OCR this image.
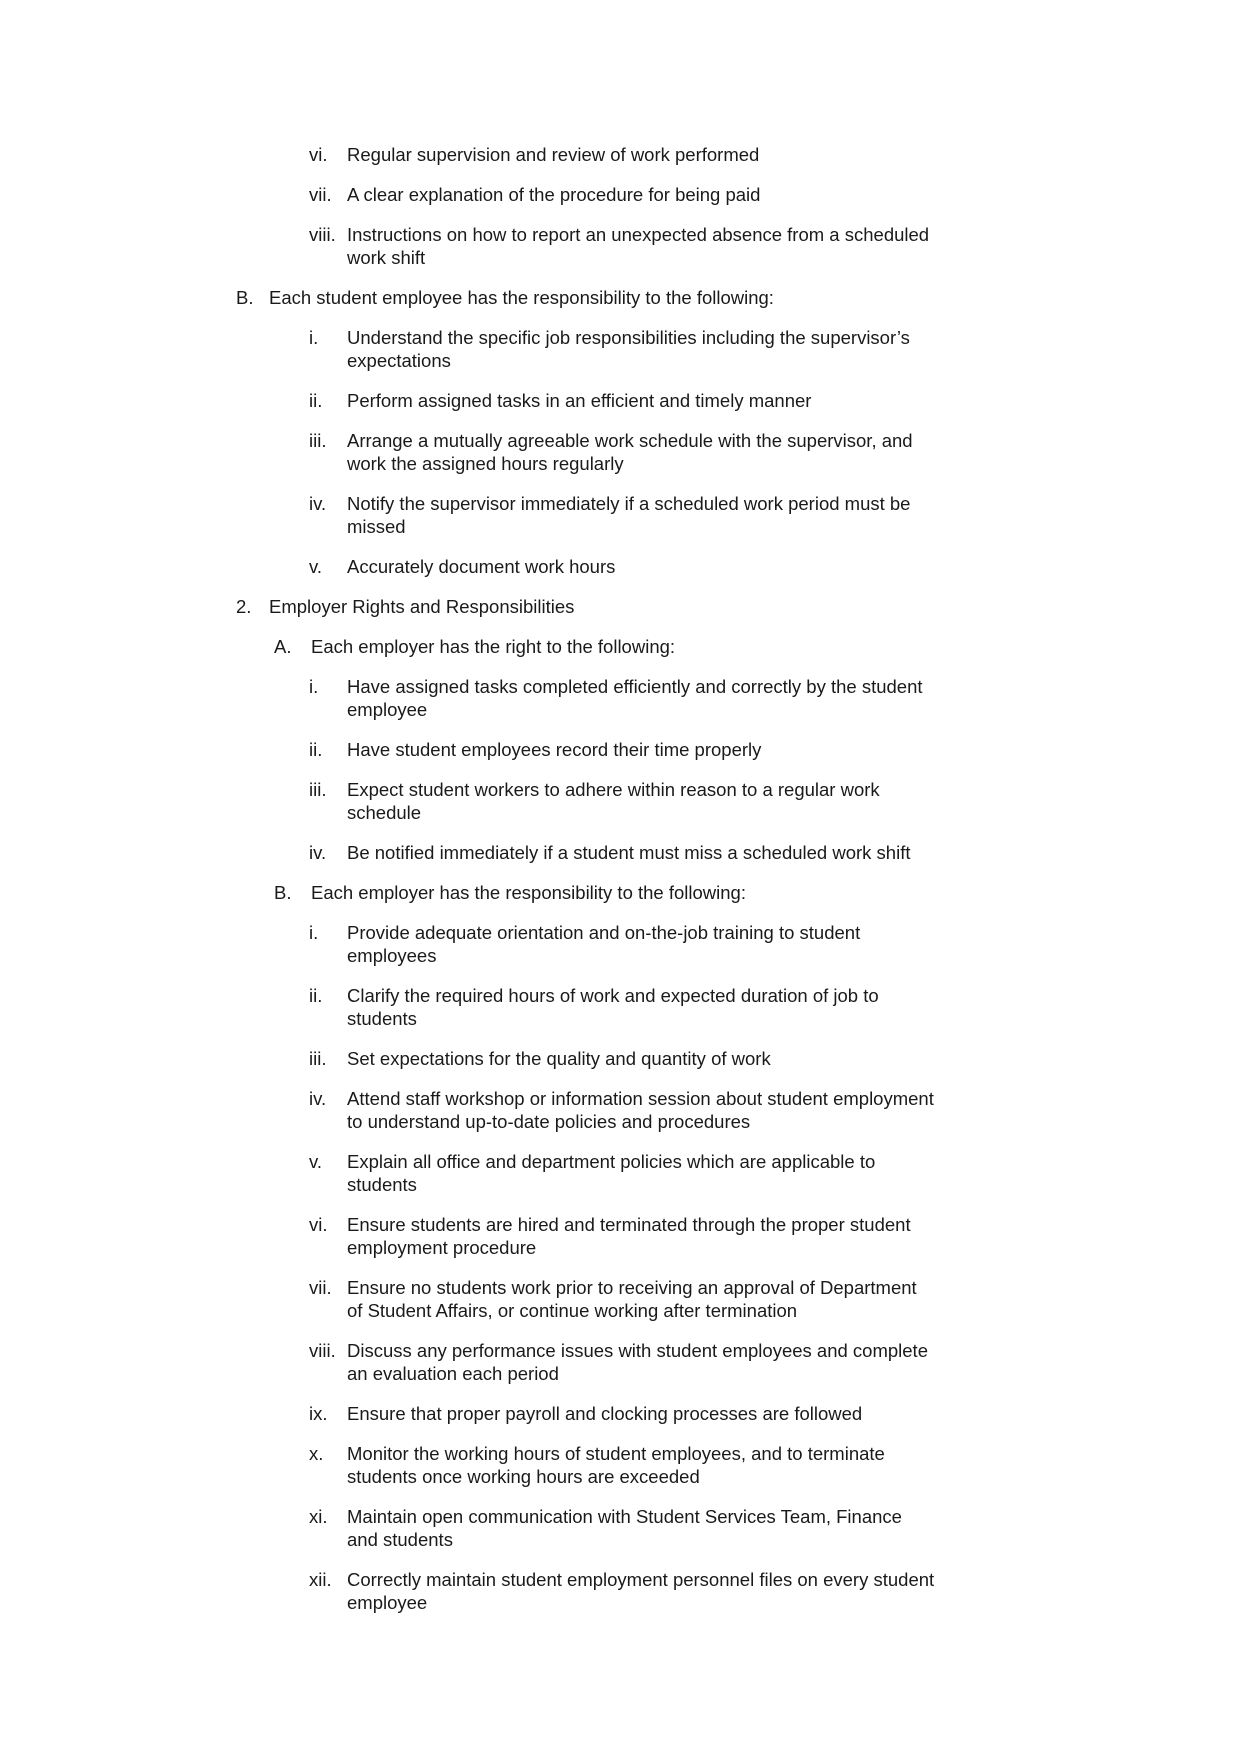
vi. Regular supervision and review of work performed
vii. A clear explanation of the procedure for being paid
viii. Instructions on how to report an unexpected absence from a scheduled work shift
B. Each student employee has the responsibility to the following:
i. Understand the specific job responsibilities including the supervisor’s expectations
ii. Perform assigned tasks in an efficient and timely manner
iii. Arrange a mutually agreeable work schedule with the supervisor, and work the assigned hours regularly
iv. Notify the supervisor immediately if a scheduled work period must be missed
v. Accurately document work hours
2. Employer Rights and Responsibilities
A. Each employer has the right to the following:
i. Have assigned tasks completed efficiently and correctly by the student employee
ii. Have student employees record their time properly
iii. Expect student workers to adhere within reason to a regular work schedule
iv. Be notified immediately if a student must miss a scheduled work shift
B. Each employer has the responsibility to the following:
i. Provide adequate orientation and on-the-job training to student employees
ii. Clarify the required hours of work and expected duration of job to students
iii. Set expectations for the quality and quantity of work
iv. Attend staff workshop or information session about student employment to understand up-to-date policies and procedures
v. Explain all office and department policies which are applicable to students
vi. Ensure students are hired and terminated through the proper student employment procedure
vii. Ensure no students work prior to receiving an approval of Department of Student Affairs, or continue working after termination
viii. Discuss any performance issues with student employees and complete an evaluation each period
ix. Ensure that proper payroll and clocking processes are followed
x. Monitor the working hours of student employees, and to terminate students once working hours are exceeded
xi. Maintain open communication with Student Services Team, Finance and students
xii. Correctly maintain student employment personnel files on every student employee
